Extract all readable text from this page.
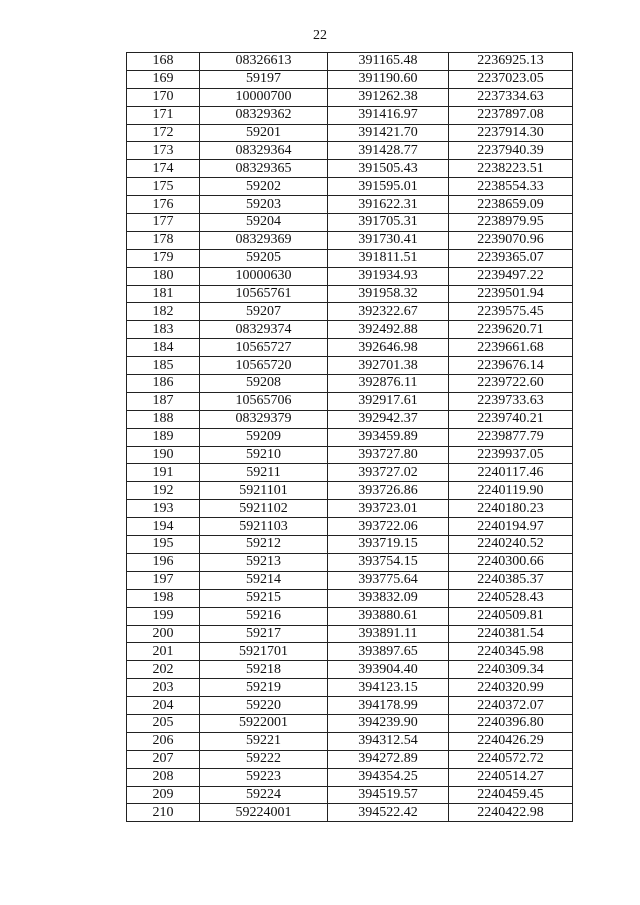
22
168	08326613	391165.48	2236925.13
169	59197	391190.60	2237023.05
170	10000700	391262.38	2237334.63
171	08329362	391416.97	2237897.08
172	59201	391421.70	2237914.30
173	08329364	391428.77	2237940.39
174	08329365	391505.43	2238223.51
175	59202	391595.01	2238554.33
176	59203	391622.31	2238659.09
177	59204	391705.31	2238979.95
178	08329369	391730.41	2239070.96
179	59205	391811.51	2239365.07
180	10000630	391934.93	2239497.22
181	10565761	391958.32	2239501.94
182	59207	392322.67	2239575.45
183	08329374	392492.88	2239620.71
184	10565727	392646.98	2239661.68
185	10565720	392701.38	2239676.14
186	59208	392876.11	2239722.60
187	10565706	392917.61	2239733.63
188	08329379	392942.37	2239740.21
189	59209	393459.89	2239877.79
190	59210	393727.80	2239937.05
191	59211	393727.02	2240117.46
192	5921101	393726.86	2240119.90
193	5921102	393723.01	2240180.23
194	5921103	393722.06	2240194.97
195	59212	393719.15	2240240.52
196	59213	393754.15	2240300.66
197	59214	393775.64	2240385.37
198	59215	393832.09	2240528.43
199	59216	393880.61	2240509.81
200	59217	393891.11	2240381.54
201	5921701	393897.65	2240345.98
202	59218	393904.40	2240309.34
203	59219	394123.15	2240320.99
204	59220	394178.99	2240372.07
205	5922001	394239.90	2240396.80
206	59221	394312.54	2240426.29
207	59222	394272.89	2240572.72
208	59223	394354.25	2240514.27
209	59224	394519.57	2240459.45
210	59224001	394522.42	2240422.98
